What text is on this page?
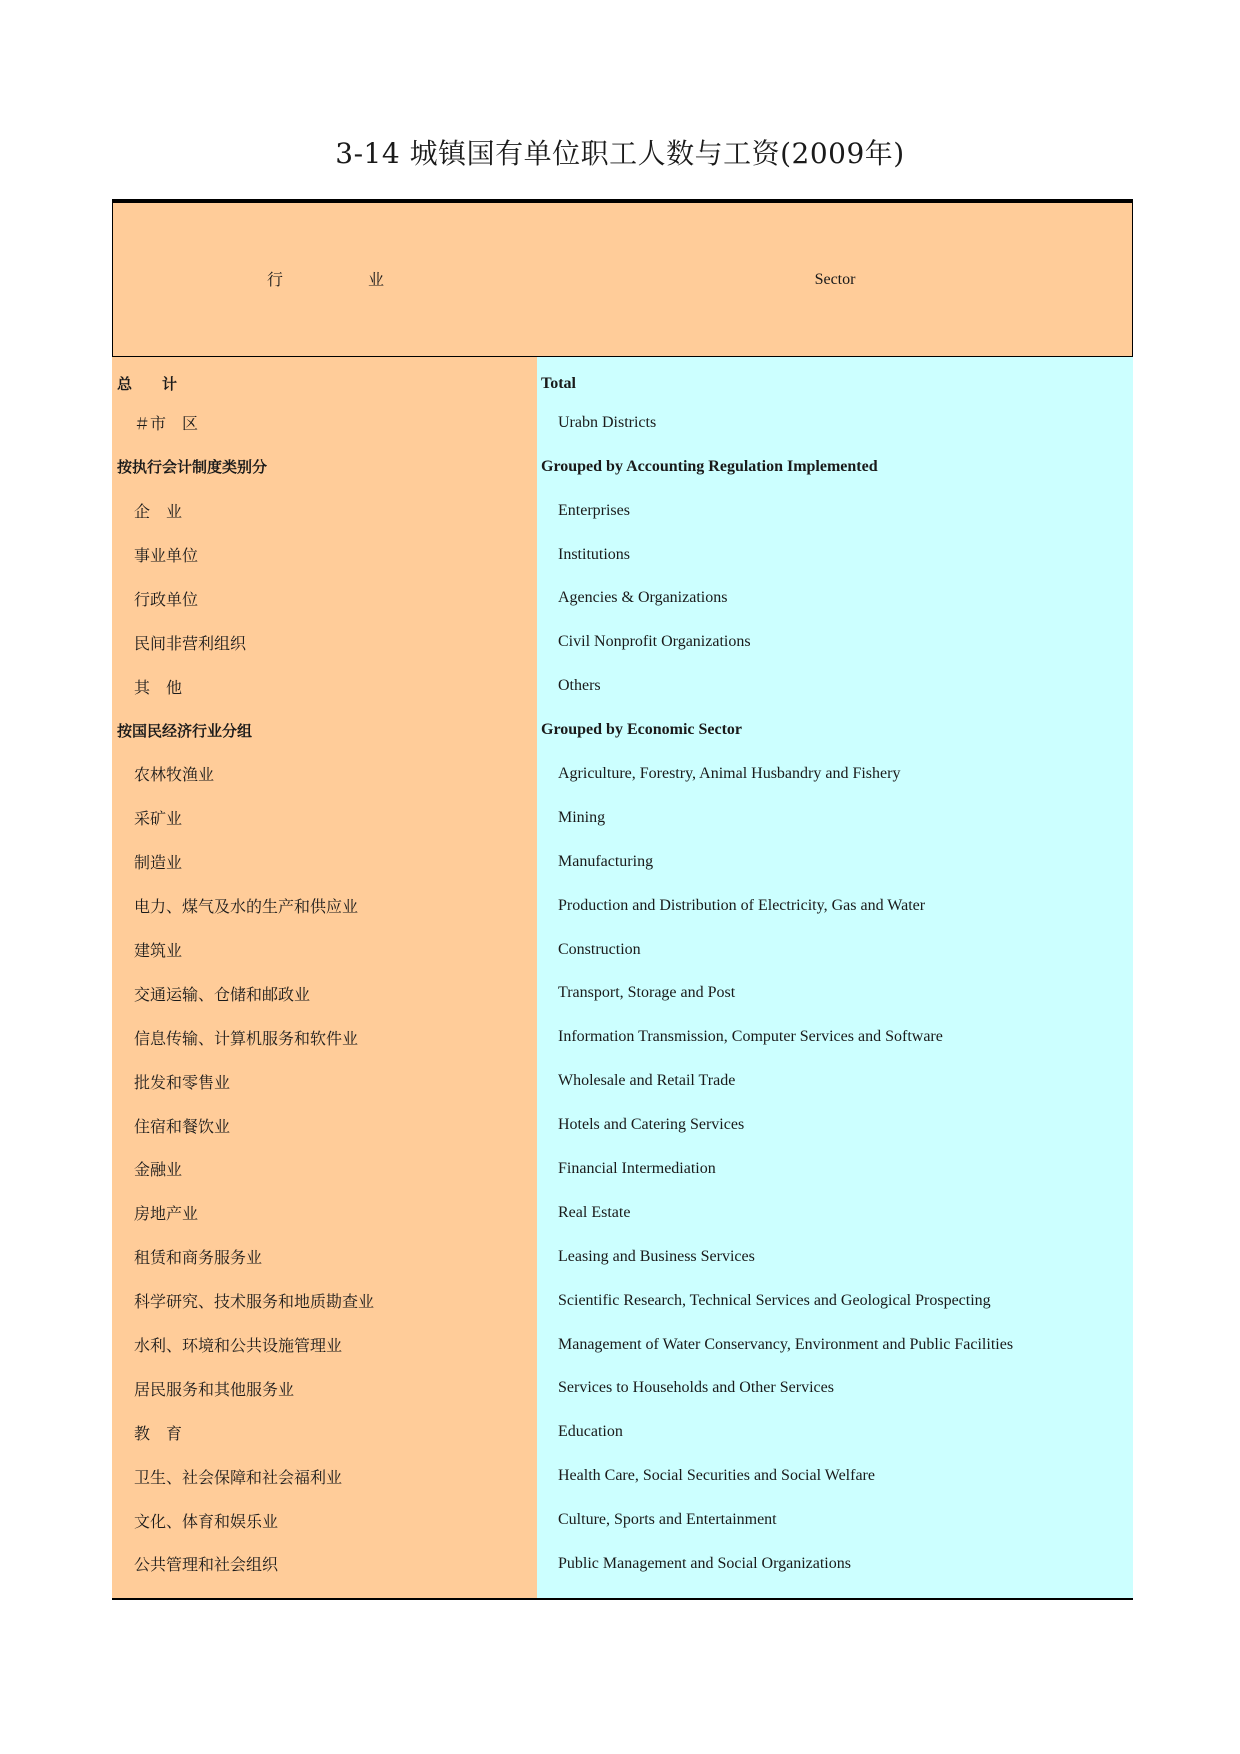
3-14 城镇国有单位职工人数与工资(2009年)
行 业	Sector
总　　计	Total
＃市　区	Urabn Districts
按执行会计制度类别分	Grouped by Accounting Regulation Implemented
企　业	Enterprises
事业单位	Institutions
行政单位	Agencies & Organizations
民间非营利组织	Civil Nonprofit Organizations
其　他	Others
按国民经济行业分组	Grouped by Economic Sector
农林牧渔业	Agriculture, Forestry, Animal Husbandry and Fishery
采矿业	Mining
制造业	Manufacturing
电力、煤气及水的生产和供应业	Production and Distribution of Electricity, Gas and Water
建筑业	Construction
交通运输、仓储和邮政业	Transport, Storage and Post
信息传输、计算机服务和软件业	Information Transmission, Computer Services and Software
批发和零售业	Wholesale and Retail Trade
住宿和餐饮业	Hotels and Catering Services
金融业	Financial Intermediation
房地产业	Real Estate
租赁和商务服务业	Leasing and Business Services
科学研究、技术服务和地质勘查业	Scientific Research, Technical Services and Geological Prospecting
水利、环境和公共设施管理业	Management of Water Conservancy, Environment and Public Facilities
居民服务和其他服务业	Services to Households and Other Services
教　育	Education
卫生、社会保障和社会福利业	Health Care, Social Securities and Social Welfare
文化、体育和娱乐业	Culture, Sports and Entertainment
公共管理和社会组织	Public Management and Social Organizations
